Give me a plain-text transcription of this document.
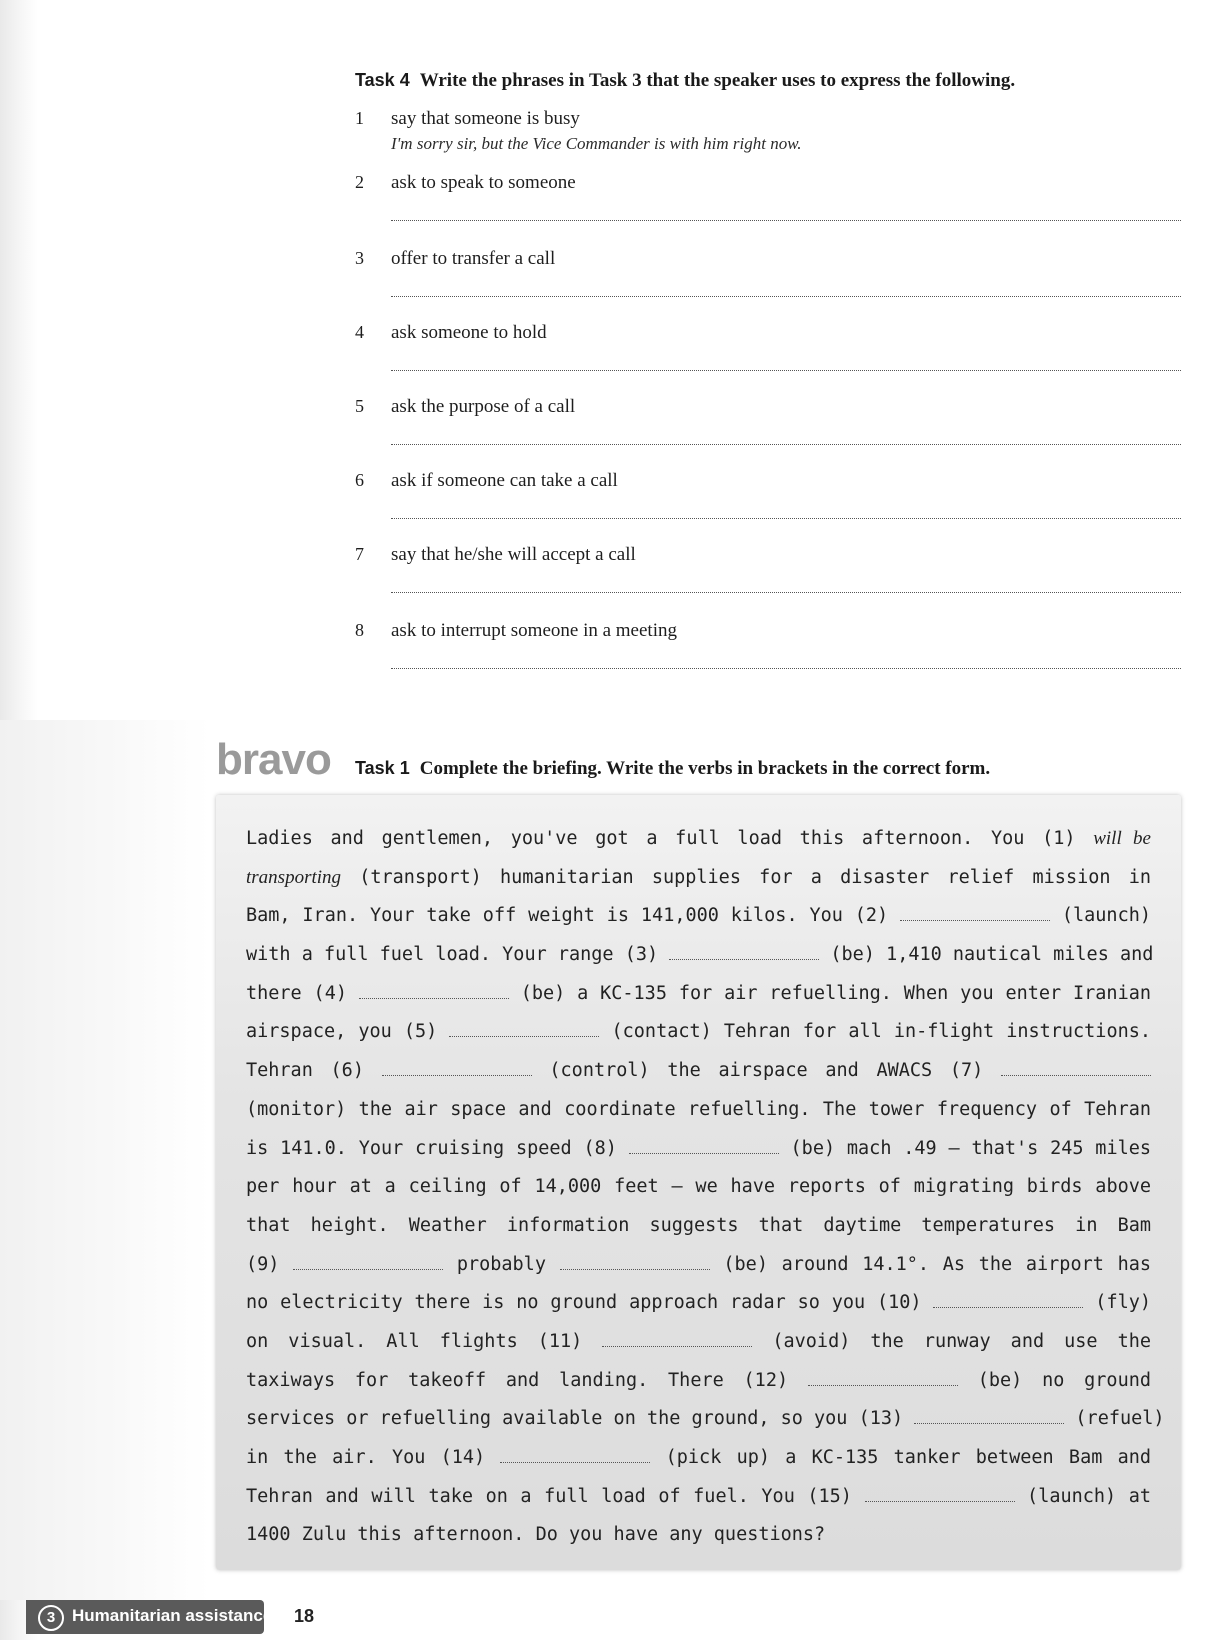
Task 4 Write the phrases in Task 3 that the speaker uses to express the following.
1	say that someone is busy
I'm sorry sir, but the Vice Commander is with him right now.
2	ask to speak to someone
3	offer to transfer a call
4	ask someone to hold
5	ask the purpose of a call
6	ask if someone can take a call
7	say that he/she will accept a call
8	ask to interrupt someone in a meeting
bravo Task 1 Complete the briefing. Write the verbs in brackets in the correct form.
Ladies and gentlemen, you've got a full load this afternoon. You (1) will be
transporting (transport) humanitarian supplies for a disaster relief mission in
Bam, Iran. Your take off weight is 141,000 kilos. You (2)	(launch)
with a full fuel load. Your range (3)	(be) 1,410 nautical miles and
there (4)	(be) a KC-135 for air refuelling. When you enter Iranian
airspace, you (5)	(contact) Tehran for all in-flight instructions.
Tehran (6)	(control) the airspace and AWACS (7)
(monitor) the air space and coordinate refuelling. The tower frequency of Tehran
is 141.0. Your cruising speed (8)	(be) mach .49 – that's 245 miles
per hour at a ceiling of 14,000 feet – we have reports of migrating birds above
that height. Weather information suggests that daytime temperatures in Bam
(9)	probably	(be) around 14.1°. As the airport has
no electricity there is no ground approach radar so you (10)	(fly)
on visual. All flights (11)	(avoid) the runway and use the
taxiways for takeoff and landing. There (12)	(be) no ground
services or refuelling available on the ground, so you (13)	(refuel)
in the air. You (14)	(pick up) a KC-135 tanker between Bam and
Tehran and will take on a full load of fuel. You (15)	(launch) at
1400 Zulu this afternoon. Do you have any questions?
3 Humanitarian assistance 18
